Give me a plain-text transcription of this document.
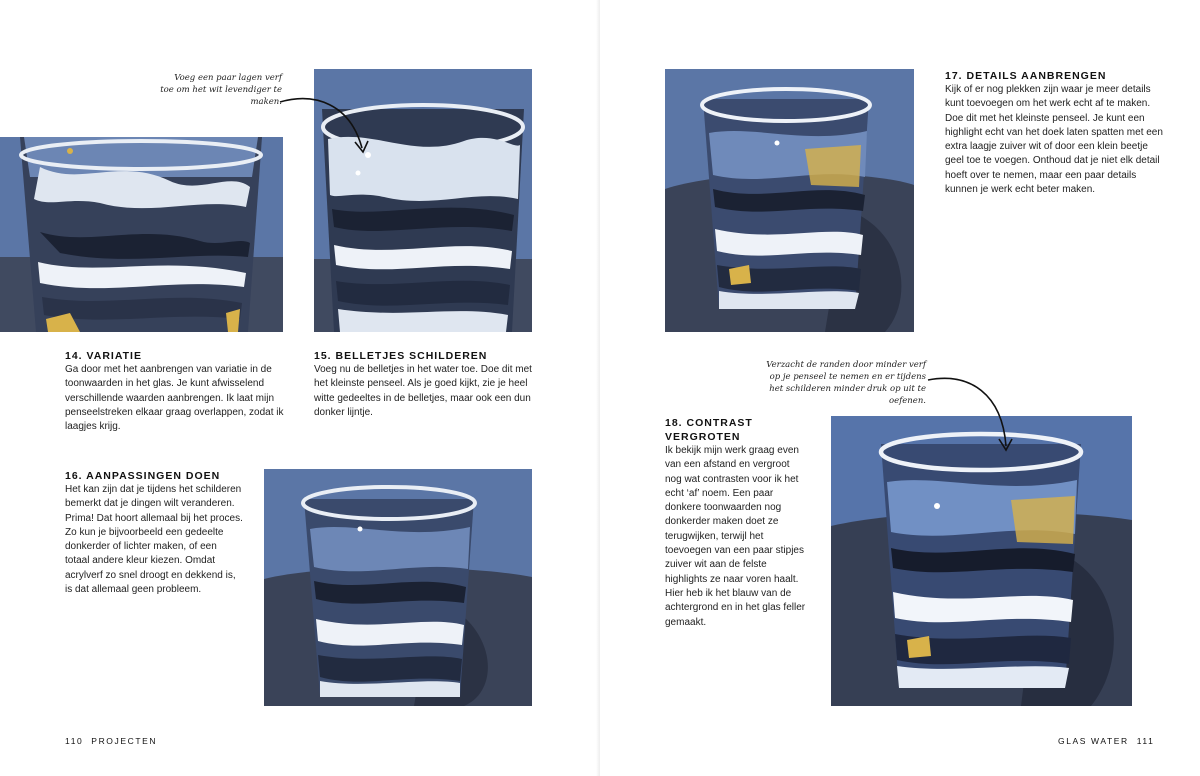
Voeg een paar lagen verf toe om het wit levendiger te maken.

14. VARIATIE

Ga door met het aanbrengen van variatie in de toonwaarden in het glas. Je kunt afwisselend verschillende waarden aanbrengen. Ik laat mijn penseelstreken elkaar graag overlappen, zodat ik laagjes krijg.

15. BELLETJES SCHILDEREN

Voeg nu de belletjes in het water toe. Doe dit met het kleinste penseel. Als je goed kijkt, zie je heel witte gedeeltes in de belletjes, maar ook een dun donker lijntje.

16. AANPASSINGEN DOEN

Het kan zijn dat je tijdens het schilderen bemerkt dat je dingen wilt veranderen. Prima! Dat hoort allemaal bij het proces. Zo kun je bijvoorbeeld een gedeelte donkerder of lichter maken, of een totaal andere kleur kiezen. Omdat acrylverf zo snel droogt en dekkend is, is dat allemaal geen probleem.

110 PROJECTEN
17. DETAILS AANBRENGEN

Kijk of er nog plekken zijn waar je meer details kunt toevoegen om het werk echt af te maken. Doe dit met het kleinste penseel. Je kunt een highlight echt van het doek laten spatten met een extra laagje zuiver wit of door een klein beetje geel toe te voegen. Onthoud dat je niet elk detail hoeft over te nemen, maar een paar details kunnen je werk echt beter maken.

Verzacht de randen door minder verf op je penseel te nemen en er tijdens het schilderen minder druk op uit te oefenen.

18. CONTRAST
VERGROTEN

Ik bekijk mijn werk graag even van een afstand en vergroot nog wat contrasten voor ik het echt ‘af’ noem. Een paar donkere toonwaarden nog donkerder maken doet ze terugwijken, terwijl het toevoegen van een paar stipjes zuiver wit aan de felste highlights ze naar voren haalt. Hier heb ik het blauw van de achtergrond en in het glas feller gemaakt.

GLAS WATER 111
